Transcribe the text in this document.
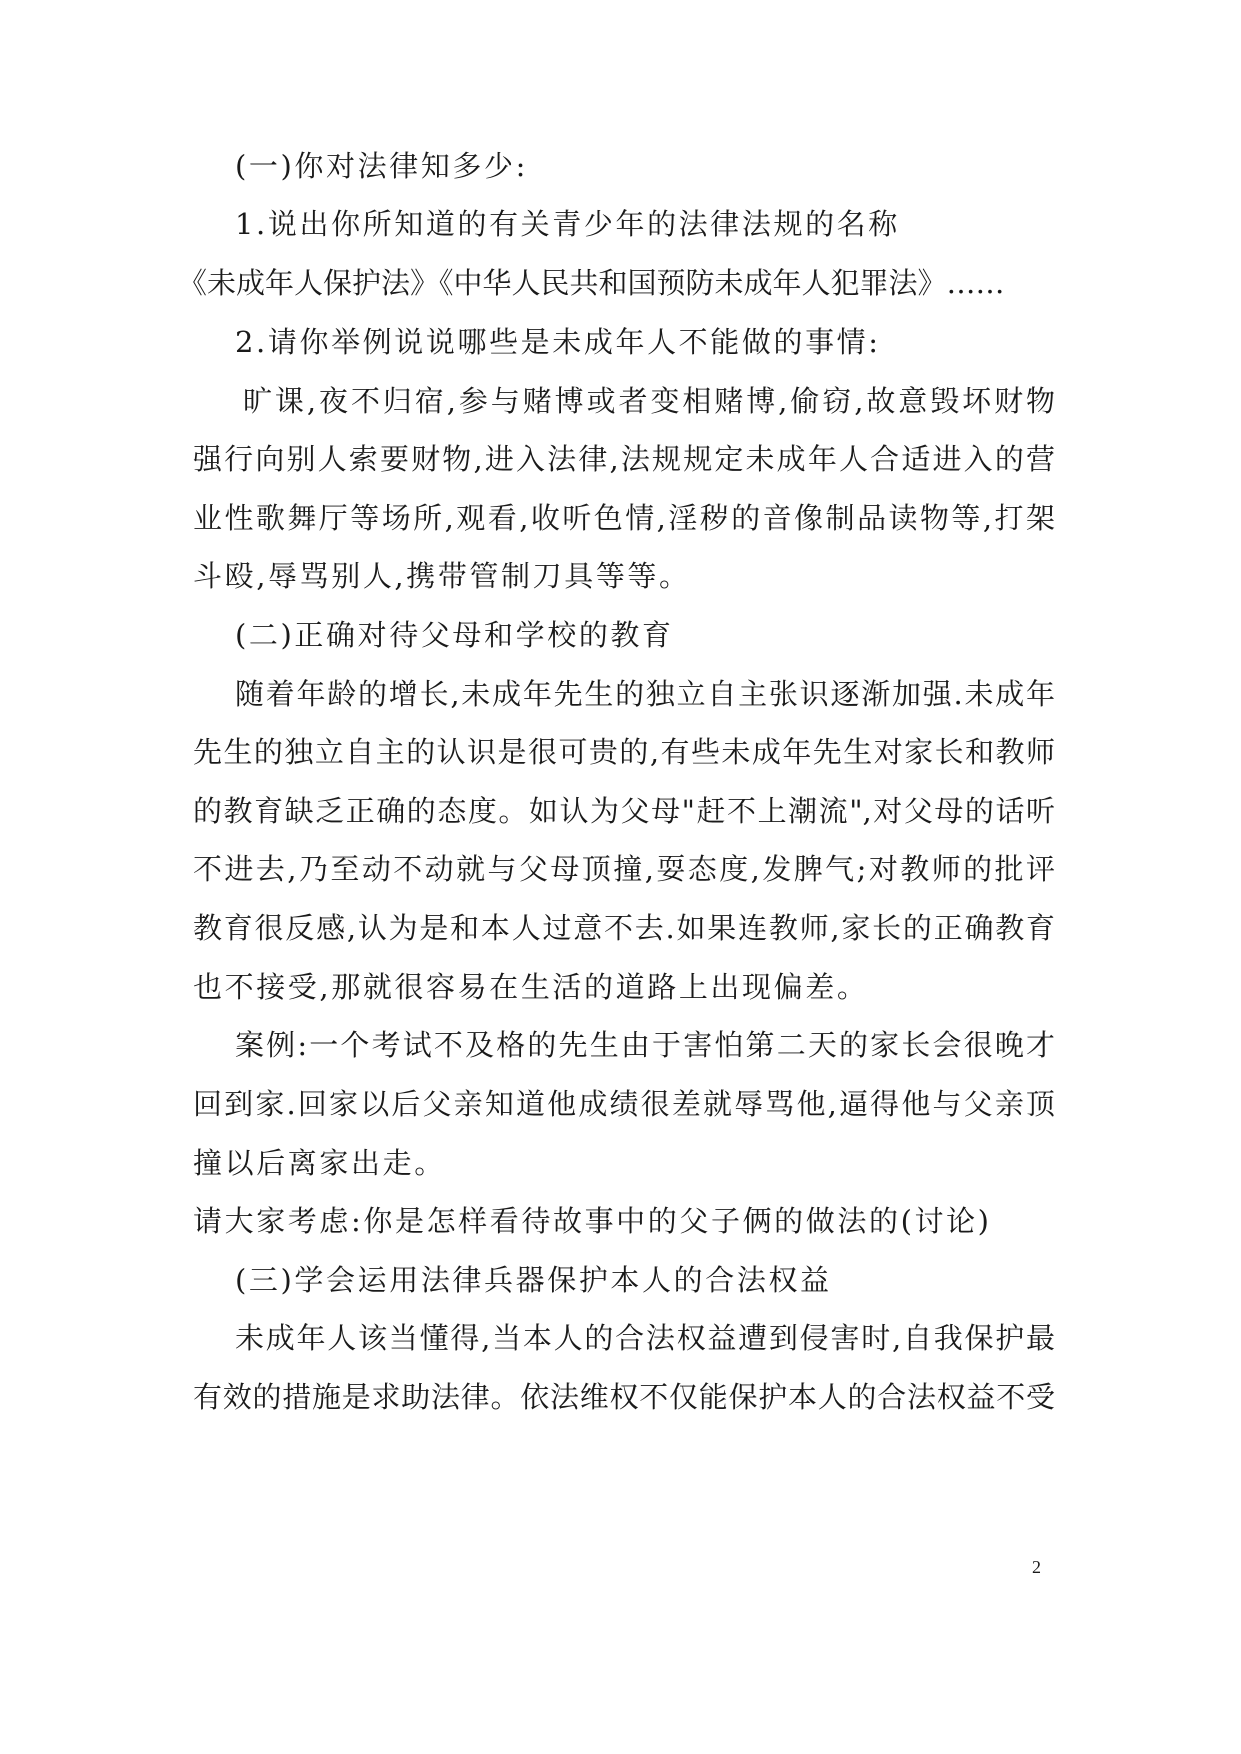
(一)你对法律知多少:
1.说出你所知道的有关青少年的法律法规的名称
《未成年人保护法》《中华人民共和国预防未成年人犯罪法》……
2.请你举例说说哪些是未成年人不能做的事情:
旷课,夜不归宿,参与赌博或者变相赌博,偷窃,故意毁坏财物
强行向别人索要财物,进入法律,法规规定未成年人合适进入的营
业性歌舞厅等场所,观看,收听色情,淫秽的音像制品读物等,打架
斗殴,辱骂别人,携带管制刀具等等。
(二)正确对待父母和学校的教育
随着年龄的增长,未成年先生的独立自主张识逐渐加强.未成年
先生的独立自主的认识是很可贵的,有些未成年先生对家长和教师
的教育缺乏正确的态度。如认为父母"赶不上潮流",对父母的话听
不进去,乃至动不动就与父母顶撞,耍态度,发脾气;对教师的批评
教育很反感,认为是和本人过意不去.如果连教师,家长的正确教育
也不接受,那就很容易在生活的道路上出现偏差。
案例:一个考试不及格的先生由于害怕第二天的家长会很晚才
回到家.回家以后父亲知道他成绩很差就辱骂他,逼得他与父亲顶
撞以后离家出走。
请大家考虑:你是怎样看待故事中的父子俩的做法的(讨论)
(三)学会运用法律兵器保护本人的合法权益
未成年人该当懂得,当本人的合法权益遭到侵害时,自我保护最
有效的措施是求助法律。依法维权不仅能保护本人的合法权益不受
2
